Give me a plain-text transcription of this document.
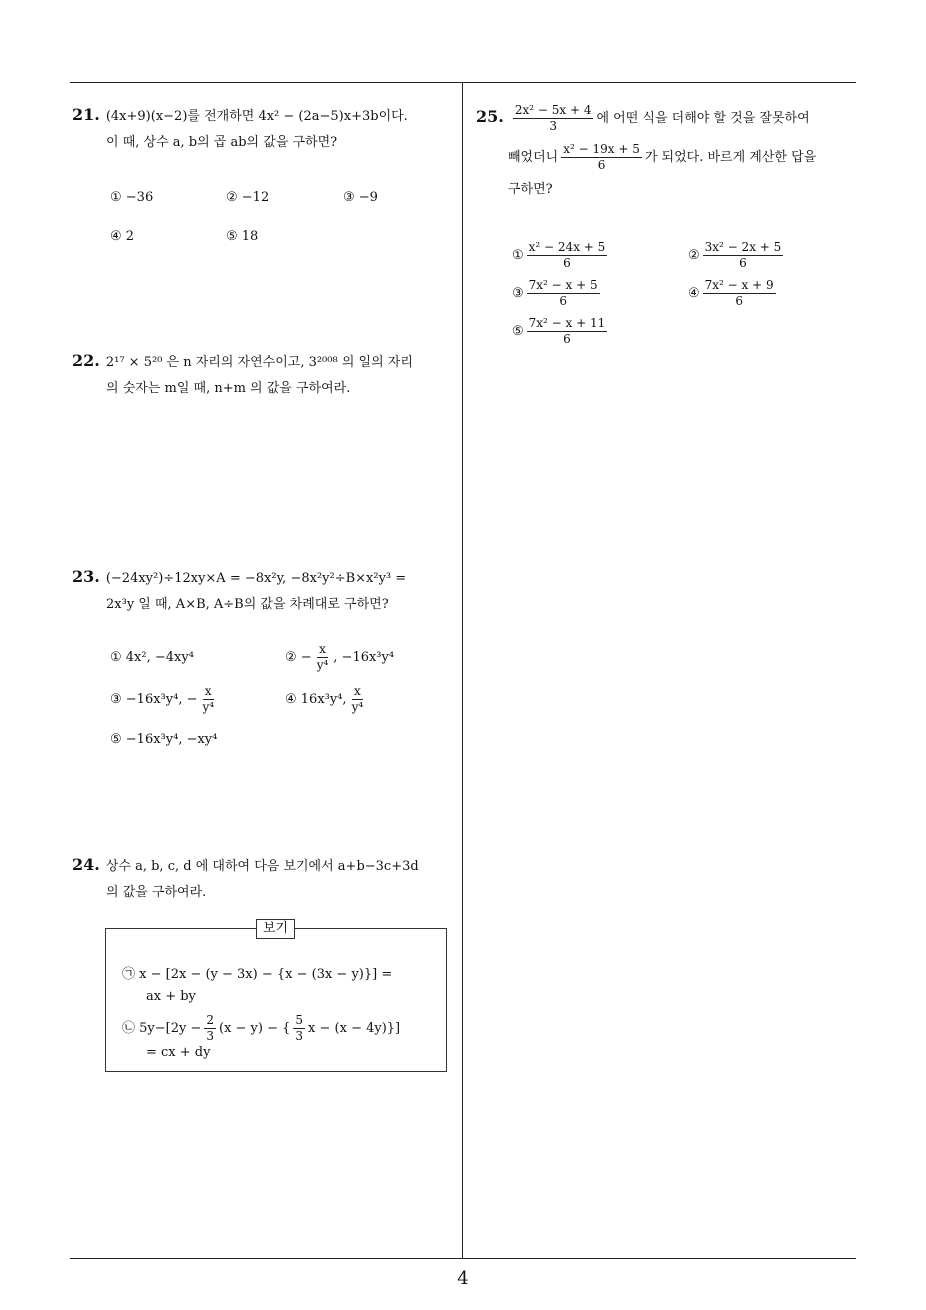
21. (4x+9)(x−2)를 전개하면 4x² − (2a−5)x+3b이다.
이 때, 상수 a, b의 곱 ab의 값을 구하면?
① −36	② −12	③ −9
④ 2	⑤ 18
22. 2¹⁷ × 5²⁰ 은 n 자리의 자연수이고, 3²⁰⁰⁸ 의 일의 자리
의 숫자는 m일 때, n+m 의 값을 구하여라.
23. (−24xy²)÷12xy×A = −8x²y, −8x²y²÷B×x²y³ =
2x³y 일 때, A×B, A÷B의 값을 차례대로 구하면?
① 4x², −4xy⁴	② − $\frac{x}{\text{y⁴}}$ , −16x³y⁴
③ −16x³y⁴, − $\frac{x}{\text{y⁴}}$	④ 16x³y⁴, $\frac{x}{\text{y⁴}}$
⑤ −16x³y⁴, −xy⁴
24. 상수 a, b, c, d 에 대하여 다음 보기에서 a+b−3c+3d
의 값을 구하여라.
보기
㉠ x − [2x − (y − 3x) − {x − (3x − y)}] =
ax + by
㉡ $5y-[2y - \frac{2}{3} (x - y)$ − { $\frac{5}{3}$ x − (x − 4y)}]
= cx + dy
25. $\frac{\text{2x² − 5x + 4}}{3}$ 에 어떤 식을 더해야 할 것을 잘못하여
빼었더니 $\frac{\text{x² − 19x + 5}}{6}$ 가 되었다. 바르게 계산한 답을
구하면?
① $\frac{\text{x² − 24x + 5}}{6}$	② $\frac{\text{3x² − 2x + 5}}{6}$
③ $\frac{\text{7x² − x + 5}}{6}$	④ $\frac{\text{7x² − x + 9}}{6}$
⑤ $\frac{\text{7x² − x + 11}}{6}$
4
